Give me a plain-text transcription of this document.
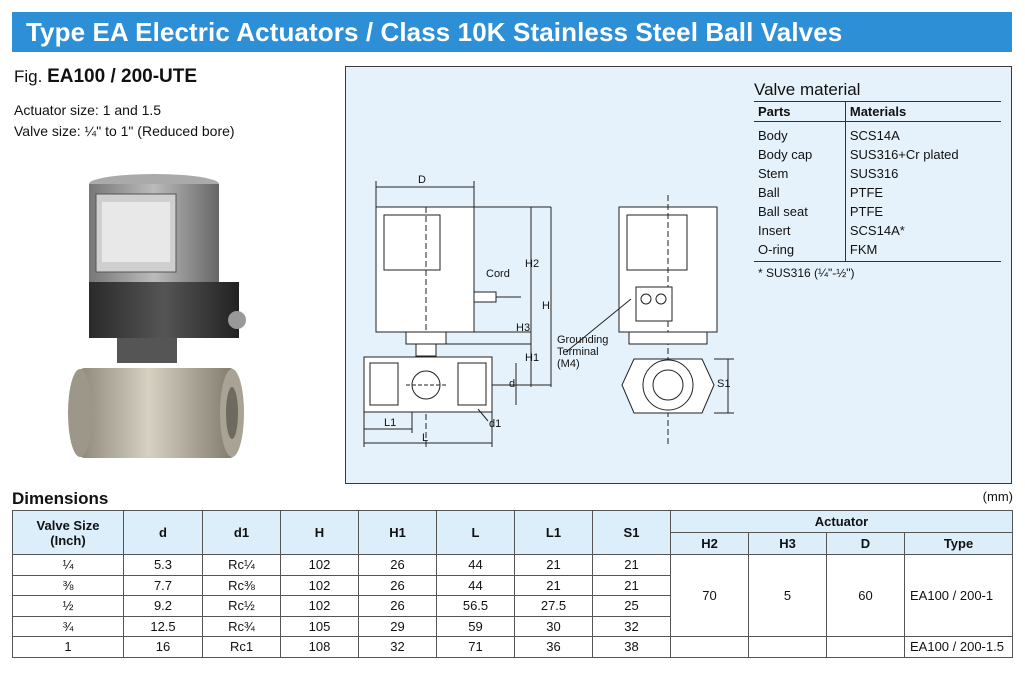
Type EA Electric Actuators / Class 10K Stainless Steel Ball Valves
Fig. EA100 / 200-UTE
Actuator size: 1 and 1.5
Valve size: ¼" to 1" (Reduced bore)
D
H2
H
H3
H1
d
d1
L1
L
S1
Cord
Grounding
Terminal
(M4)
Valve material
Parts	Materials
Body	SCS14A
Body cap	SUS316+Cr plated
Stem	SUS316
Ball	PTFE
Ball seat	PTFE
Insert	SCS14A*
O-ring	FKM
* SUS316 (¼"-½")
Dimensions	(mm)
Valve Size
(Inch)	d	d1	H	H1	L	L1	S1	Actuator			
								H2	H3	D	Type
¼	5.3	Rc¼	102	26	44	21	21	70	5	60	EA100 / 200-1
⅜	7.7	Rc⅜	102	26	44	21	21				
½	9.2	Rc½	102	26	56.5	27.5	25				
¾	12.5	Rc¾	105	29	59	30	32				
1	16	Rc1	108	32	71	36	38				EA100 / 200-1.5
